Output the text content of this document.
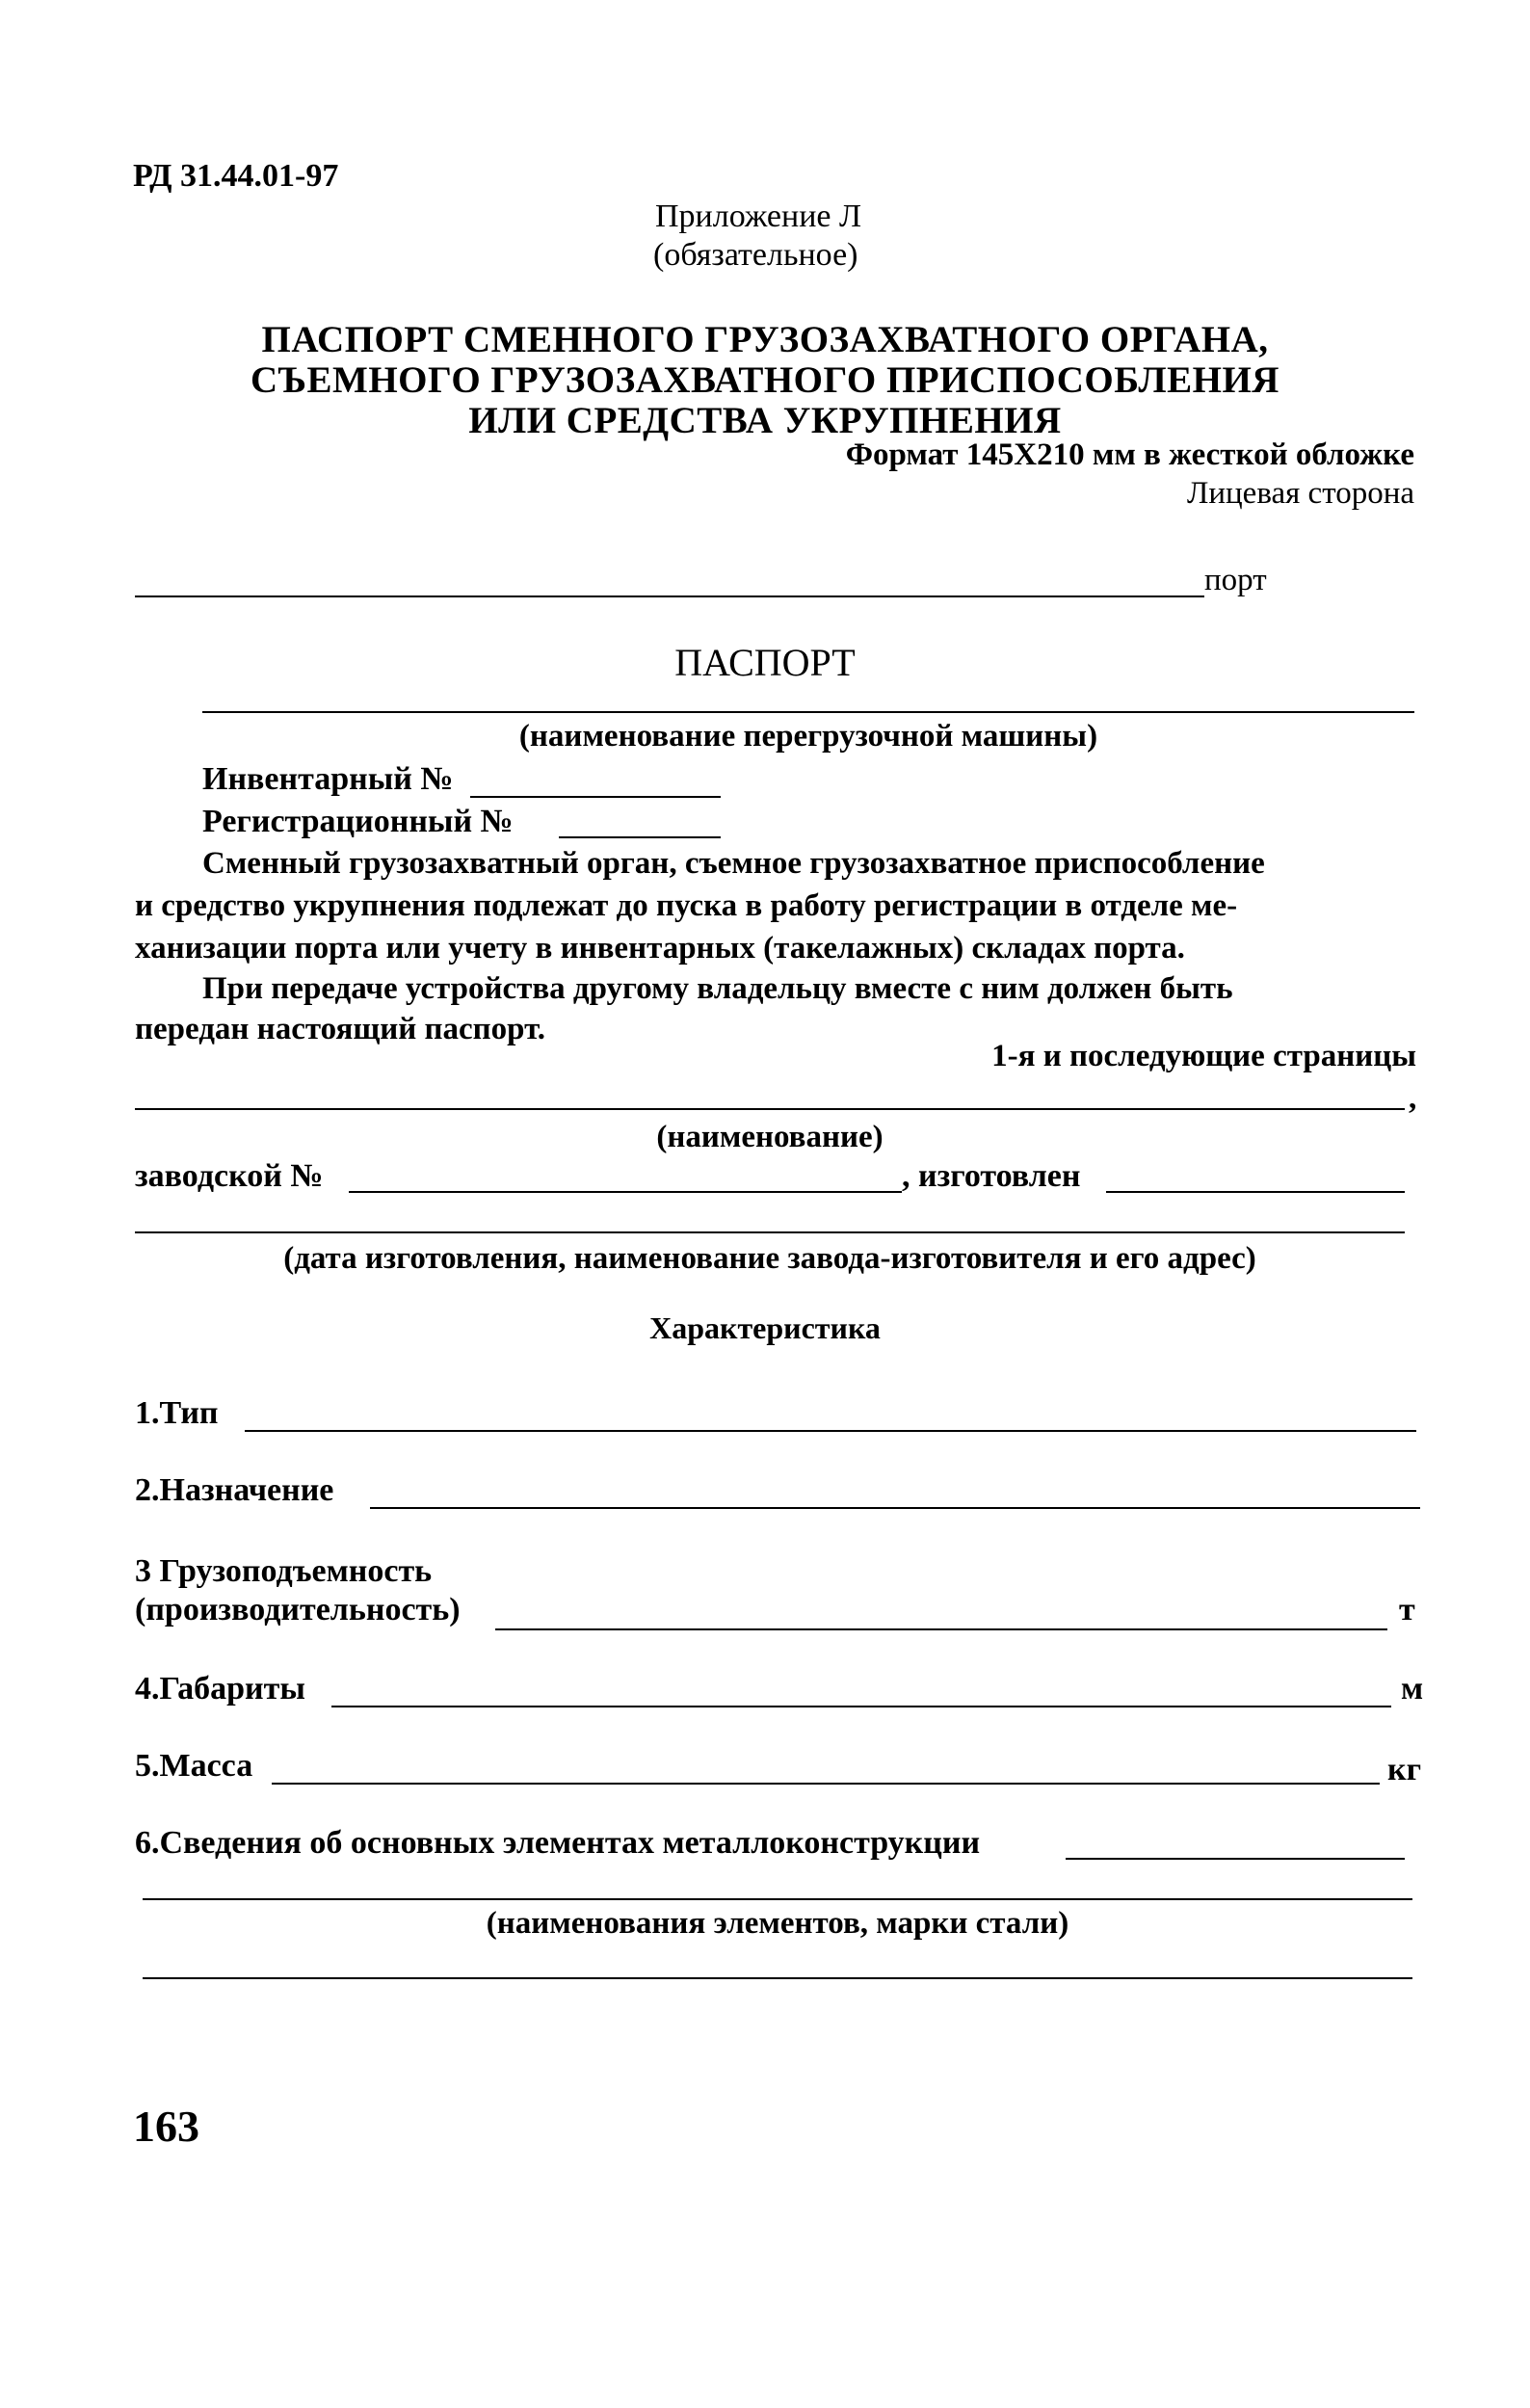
РД 31.44.01-97
Приложение Л
(обязательное)
ПАСПОРТ СМЕННОГО ГРУЗОЗАХВАТНОГО ОРГАНА,
СЪЕМНОГО ГРУЗОЗАХВАТНОГО ПРИСПОСОБЛЕНИЯ
ИЛИ СРЕДСТВА УКРУПНЕНИЯ
Формат 145Х210 мм в жесткой обложке
Лицевая сторона
порт
ПАСПОРТ
(наименование перегрузочной машины)
Инвентарный №
Регистрационный №
Сменный грузозахватный орган, съемное грузозахватное приспособление
и средство укрупнения подлежат до пуска в работу регистрации в отделе ме-
ханизации порта или учету в инвентарных (такелажных) складах порта.
При передаче устройства другому владельцу вместе с ним должен быть
передан настоящий паспорт.
1-я и последующие страницы
,
(наименование)
заводской №	, изготовлен
(дата изготовления, наименование завода-изготовителя и его адрес)
Характеристика
1.Тип
2.Назначение
3 Грузоподъемность
(производительность)	т
4.Габариты	м
5.Масса	кг
6.Сведения об основных элементах металлоконструкции
(наименования элементов, марки стали)
163
